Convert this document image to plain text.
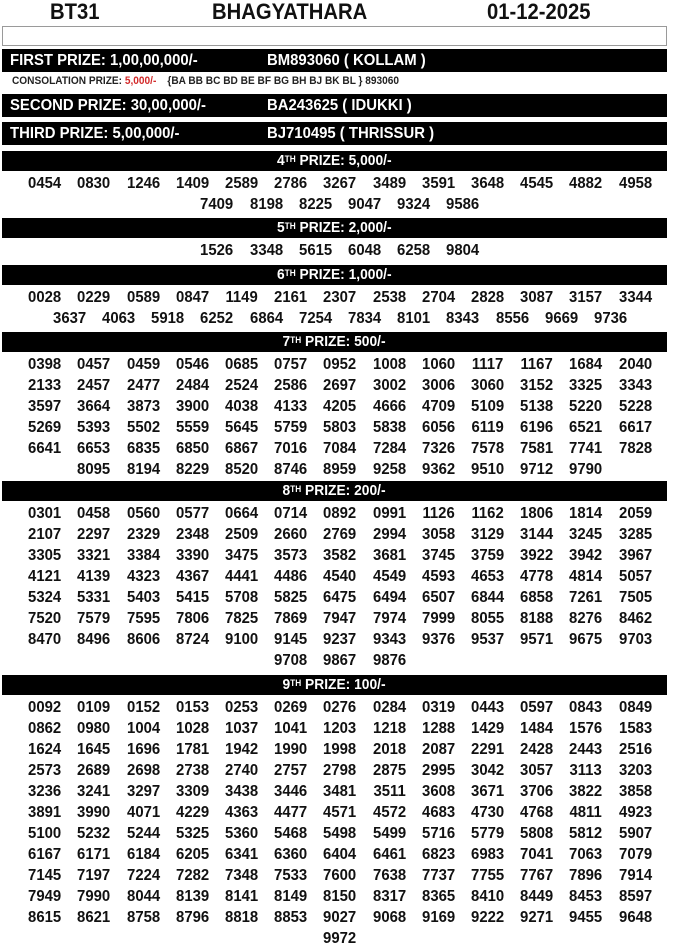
BT31	BHAGYATHARA	01-12-2025
FIRST PRIZE: 1,00,00,000/-	BM893060 ( KOLLAM )
CONSOLATION PRIZE: 5,000/- {BA BB BC BD BE BF BG BH BJ BK BL } 893060
SECOND PRIZE: 30,00,000/-	BA243625 ( IDUKKI )
THIRD PRIZE: 5,00,000/-	BJ710495 ( THRISSUR )
4TH PRIZE: 5,000/-
0454	0830	1246	1409	2589	2786	3267	3489	3591	3648	4545	4882	4958
7409	8198	8225	9047	9324	9586
5TH PRIZE: 2,000/-
1526	3348	5615	6048	6258	9804
6TH PRIZE: 1,000/-
0028	0229	0589	0847	1149	2161	2307	2538	2704	2828	3087	3157	3344
3637	4063	5918	6252	6864	7254	7834	8101	8343	8556	9669	9736
7TH PRIZE: 500/-
0398	0457	0459	0546	0685	0757	0952	1008	1060	1117	1167	1684	2040
2133	2457	2477	2484	2524	2586	2697	3002	3006	3060	3152	3325	3343
3597	3664	3873	3900	4038	4133	4205	4666	4709	5109	5138	5220	5228
5269	5393	5502	5559	5645	5759	5803	5838	6056	6119	6196	6521	6617
6641	6653	6835	6850	6867	7016	7084	7284	7326	7578	7581	7741	7828
8095	8194	8229	8520	8746	8959	9258	9362	9510	9712	9790
8TH PRIZE: 200/-
0301	0458	0560	0577	0664	0714	0892	0991	1126	1162	1806	1814	2059
2107	2297	2329	2348	2509	2660	2769	2994	3058	3129	3144	3245	3285
3305	3321	3384	3390	3475	3573	3582	3681	3745	3759	3922	3942	3967
4121	4139	4323	4367	4441	4486	4540	4549	4593	4653	4778	4814	5057
5324	5331	5403	5415	5708	5825	6475	6494	6507	6844	6858	7261	7505
7520	7579	7595	7806	7825	7869	7947	7974	7999	8055	8188	8276	8462
8470	8496	8606	8724	9100	9145	9237	9343	9376	9537	9571	9675	9703
9708	9867	9876
9TH PRIZE: 100/-
0092	0109	0152	0153	0253	0269	0276	0284	0319	0443	0597	0843	0849
0862	0980	1004	1028	1037	1041	1203	1218	1288	1429	1484	1576	1583
1624	1645	1696	1781	1942	1990	1998	2018	2087	2291	2428	2443	2516
2573	2689	2698	2738	2740	2757	2798	2875	2995	3042	3057	3113	3203
3236	3241	3297	3309	3438	3446	3481	3511	3608	3671	3706	3822	3858
3891	3990	4071	4229	4363	4477	4571	4572	4683	4730	4768	4811	4923
5100	5232	5244	5325	5360	5468	5498	5499	5716	5779	5808	5812	5907
6167	6171	6184	6205	6341	6360	6404	6461	6823	6983	7041	7063	7079
7145	7197	7224	7282	7348	7533	7600	7638	7737	7755	7767	7896	7914
7949	7990	8044	8139	8141	8149	8150	8317	8365	8410	8449	8453	8597
8615	8621	8758	8796	8818	8853	9027	9068	9169	9222	9271	9455	9648
9972
